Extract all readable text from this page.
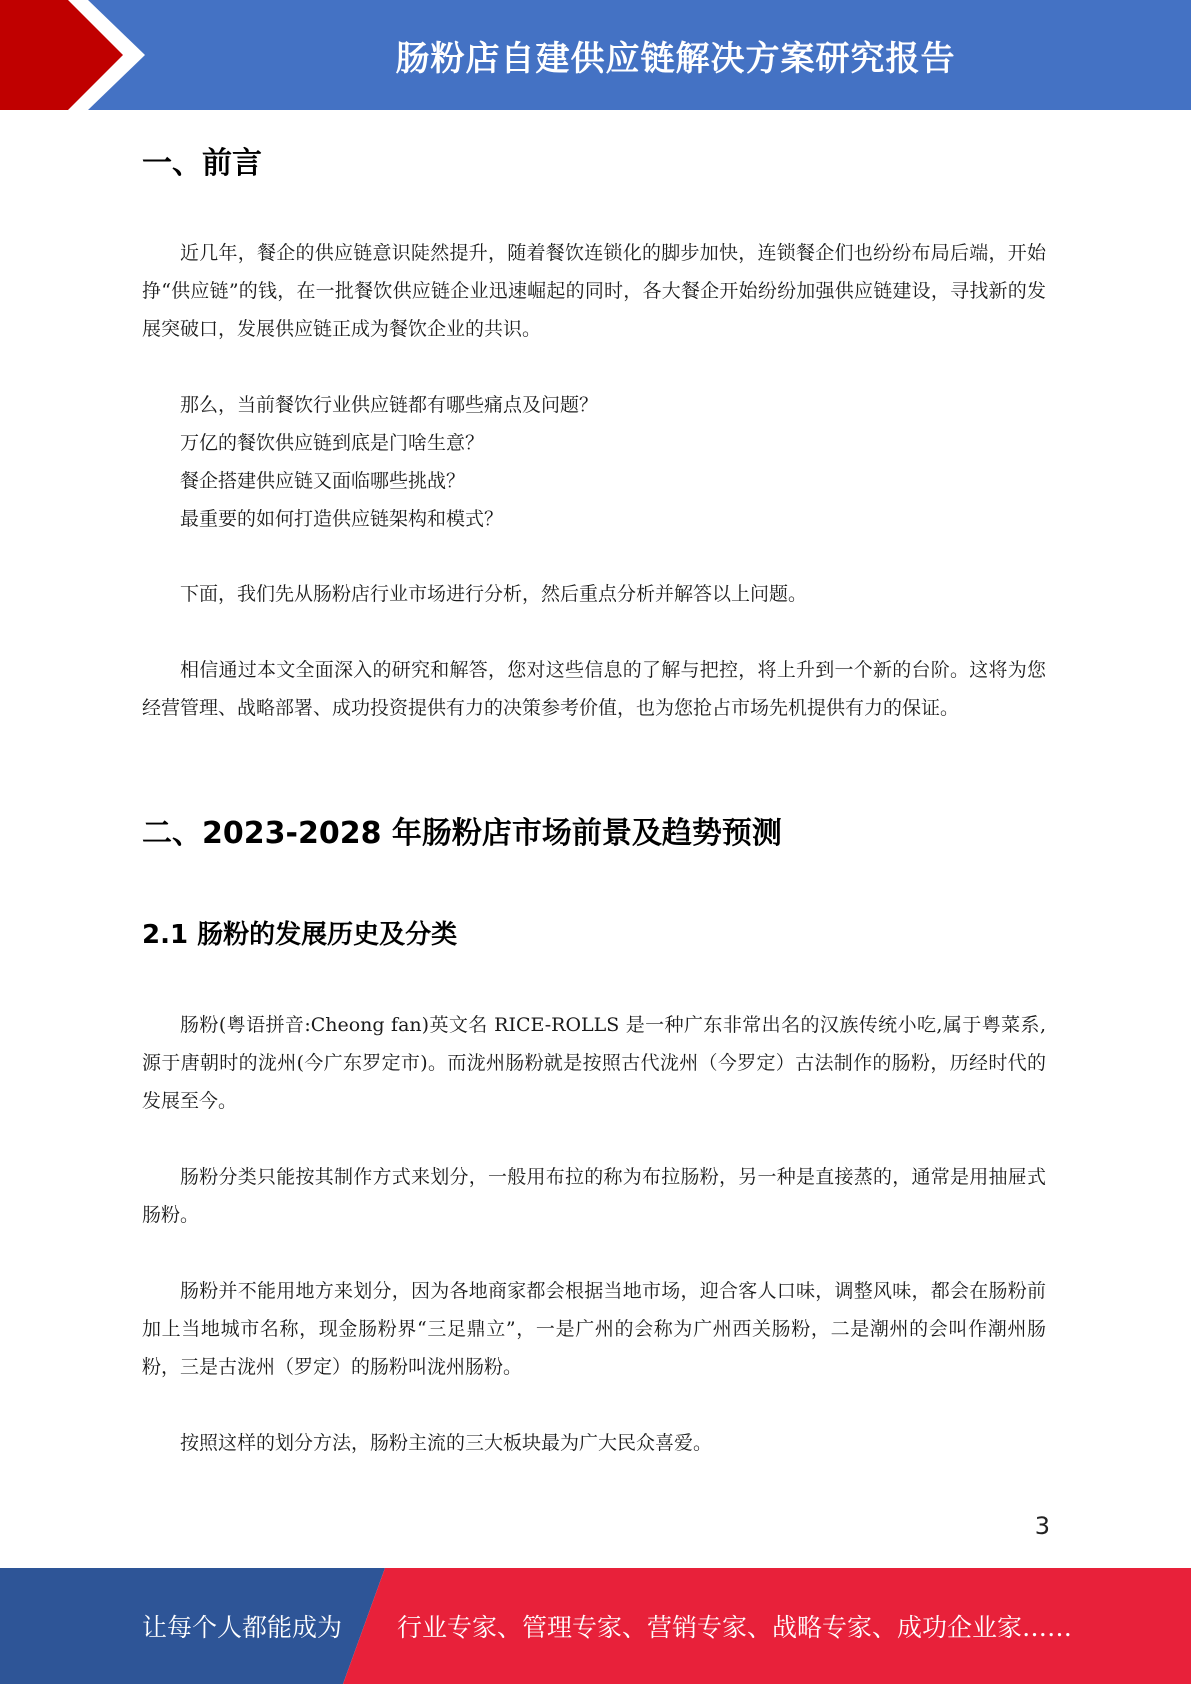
肠粉店自建供应链解决方案研究报告
一、前言

近几年，餐企的供应链意识陡然提升，随着餐饮连锁化的脚步加快，连锁餐企们也纷纷布局后端，开始挣“供应链”的钱，在一批餐饮供应链企业迅速崛起的同时，各大餐企开始纷纷加强供应链建设，寻找新的发展突破口，发展供应链正成为餐饮企业的共识。

那么，当前餐饮行业供应链都有哪些痛点及问题？
万亿的餐饮供应链到底是门啥生意？
餐企搭建供应链又面临哪些挑战？
最重要的如何打造供应链架构和模式？

下面，我们先从肠粉店行业市场进行分析，然后重点分析并解答以上问题。

相信通过本文全面深入的研究和解答，您对这些信息的了解与把控，将上升到一个新的台阶。这将为您经营管理、战略部署、成功投资提供有力的决策参考价值，也为您抢占市场先机提供有力的保证。

二、2023-2028 年肠粉店市场前景及趋势预测
2.1 肠粉的发展历史及分类

肠粉(粤语拼音:Cheong fan)英文名 RICE-ROLLS 是一种广东非常出名的汉族传统小吃,属于粤菜系,源于唐朝时的泷州(今广东罗定市)。而泷州肠粉就是按照古代泷州（今罗定）古法制作的肠粉，历经时代的发展至今。

肠粉分类只能按其制作方式来划分，一般用布拉的称为布拉肠粉，另一种是直接蒸的，通常是用抽屉式肠粉。

肠粉并不能用地方来划分，因为各地商家都会根据当地市场，迎合客人口味，调整风味，都会在肠粉前加上当地城市名称，现金肠粉界“三足鼎立”，一是广州的会称为广州西关肠粉，二是潮州的会叫作潮州肠粉，三是古泷州（罗定）的肠粉叫泷州肠粉。

按照这样的划分方法，肠粉主流的三大板块最为广大民众喜爱。

3
让每个人都能成为 行业专家、管理专家、营销专家、战略专家、成功企业家……
